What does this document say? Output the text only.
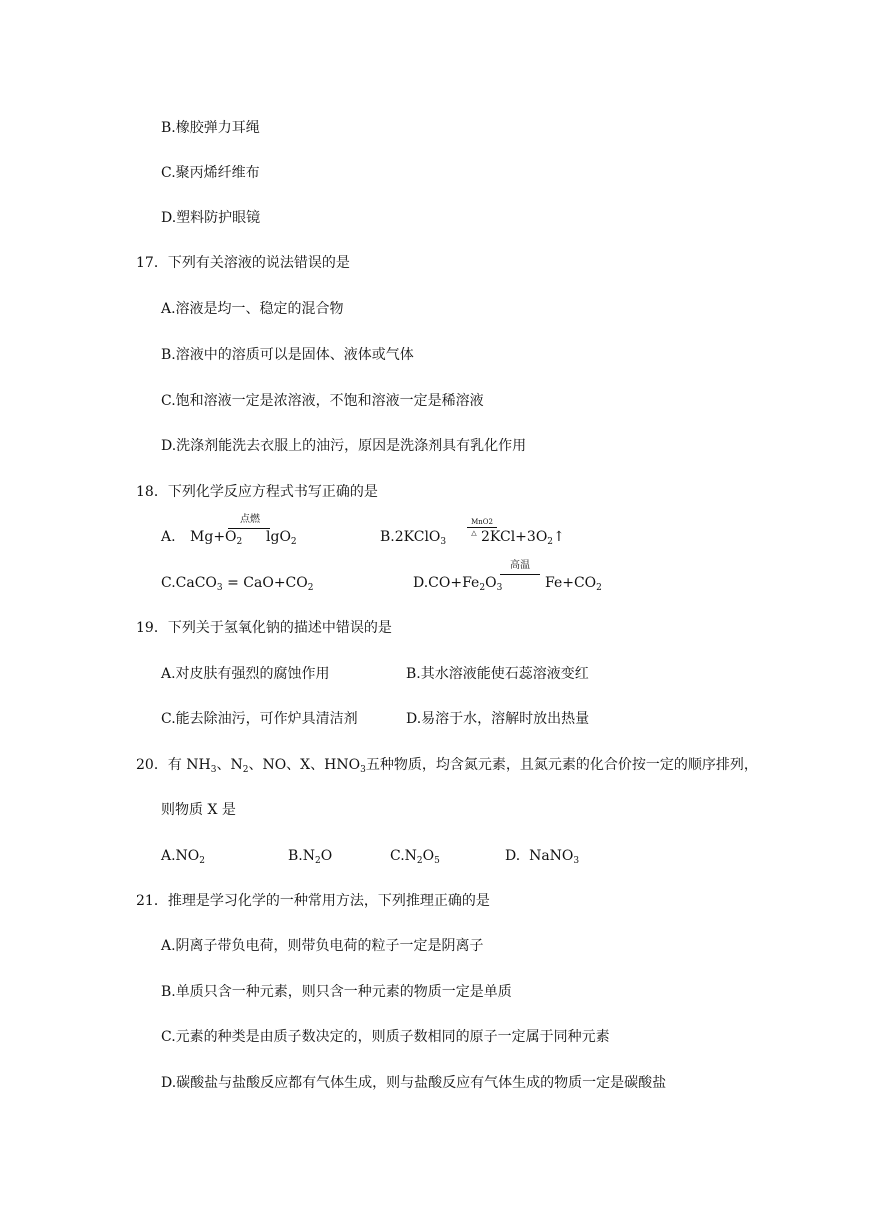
B.橡胶弹力耳绳
C.聚丙烯纤维布
D.塑料防护眼镜
17．下列有关溶液的说法错误的是
A.溶液是均一、稳定的混合物
B.溶液中的溶质可以是固体、液体或气体
C.饱和溶液一定是浓溶液，不饱和溶液一定是稀溶液
D.洗涤剂能洗去衣服上的油污，原因是洗涤剂具有乳化作用
18．下列化学反应方程式书写正确的是
A. $Mg+O_2$
点燃
lgO$_2$	B.2KClO$_3$
MnO2
△ $2KCl+3O_2↑$
C.CaCO$_3$ = $CaO+CO_2$	$D.CO+Fe_2O_3$
高温
$Fe+CO_2$
19．下列关于氢氧化钠的描述中错误的是
A.对皮肤有强烈的腐蚀作用	B.其水溶液能使石蕊溶液变红
C.能去除油污，可作炉具清洁剂	D.易溶于水，溶解时放出热量
20．有 $NH_3$、$N_2$、NO、X、$HNO_3$五种物质，均含氮元素，且氮元素的化合价按一定的顺序排列，
则物质 X 是
$A.NO_2$	$B.N_2O$	$C.N_2O_5$	D.  NaNO$_3$
21．推理是学习化学的一种常用方法，下列推理正确的是
A.阴离子带负电荷，则带负电荷的粒子一定是阴离子
B.单质只含一种元素，则只含一种元素的物质一定是单质
C.元素的种类是由质子数决定的，则质子数相同的原子一定属于同种元素
D.碳酸盐与盐酸反应都有气体生成，则与盐酸反应有气体生成的物质一定是碳酸盐
